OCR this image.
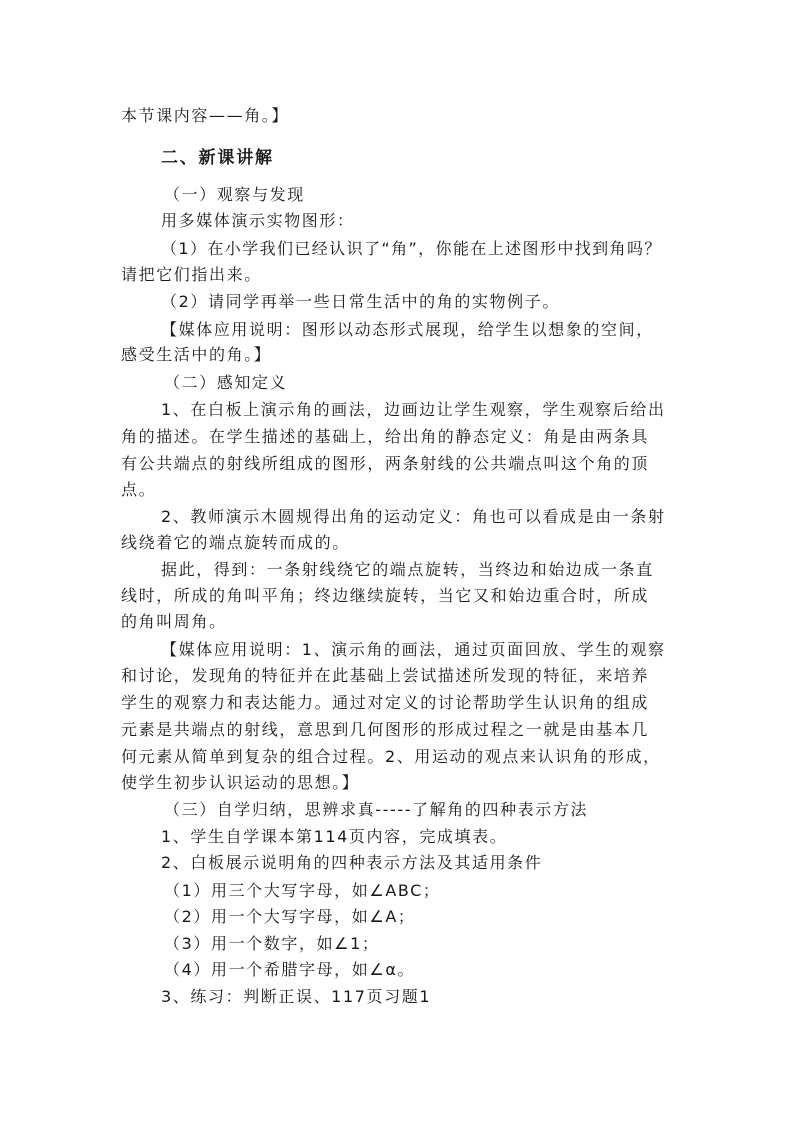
本节课内容——角。】
二、新课讲解
（一）观察与发现
用多媒体演示实物图形：
（1）在小学我们已经认识了“角”，你能在上述图形中找到角吗？
请把它们指出来。
（2）请同学再举一些日常生活中的角的实物例子。
【媒体应用说明：图形以动态形式展现，给学生以想象的空间，
感受生活中的角。】
（二）感知定义
1、在白板上演示角的画法，边画边让学生观察，学生观察后给出
角的描述。在学生描述的基础上，给出角的静态定义：角是由两条具
有公共端点的射线所组成的图形，两条射线的公共端点叫这个角的顶
点。
2、教师演示木圆规得出角的运动定义：角也可以看成是由一条射
线绕着它的端点旋转而成的。
据此，得到：一条射线绕它的端点旋转，当终边和始边成一条直
线时，所成的角叫平角；终边继续旋转，当它又和始边重合时，所成
的角叫周角。
【媒体应用说明：1、演示角的画法，通过页面回放、学生的观察
和讨论，发现角的特征并在此基础上尝试描述所发现的特征，来培养
学生的观察力和表达能力。通过对定义的讨论帮助学生认识角的组成
元素是共端点的射线，意思到几何图形的形成过程之一就是由基本几
何元素从简单到复杂的组合过程。2、用运动的观点来认识角的形成，
使学生初步认识运动的思想。】
（三）自学归纳，思辨求真-----了解角的四种表示方法
1、学生自学课本第114页内容，完成填表。
2、白板展示说明角的四种表示方法及其适用条件
（1）用三个大写字母，如∠ABC；
（2）用一个大写字母，如∠A；
（3）用一个数字，如∠1；
（4）用一个希腊字母，如∠α。
3、练习：判断正误、117页习题1
